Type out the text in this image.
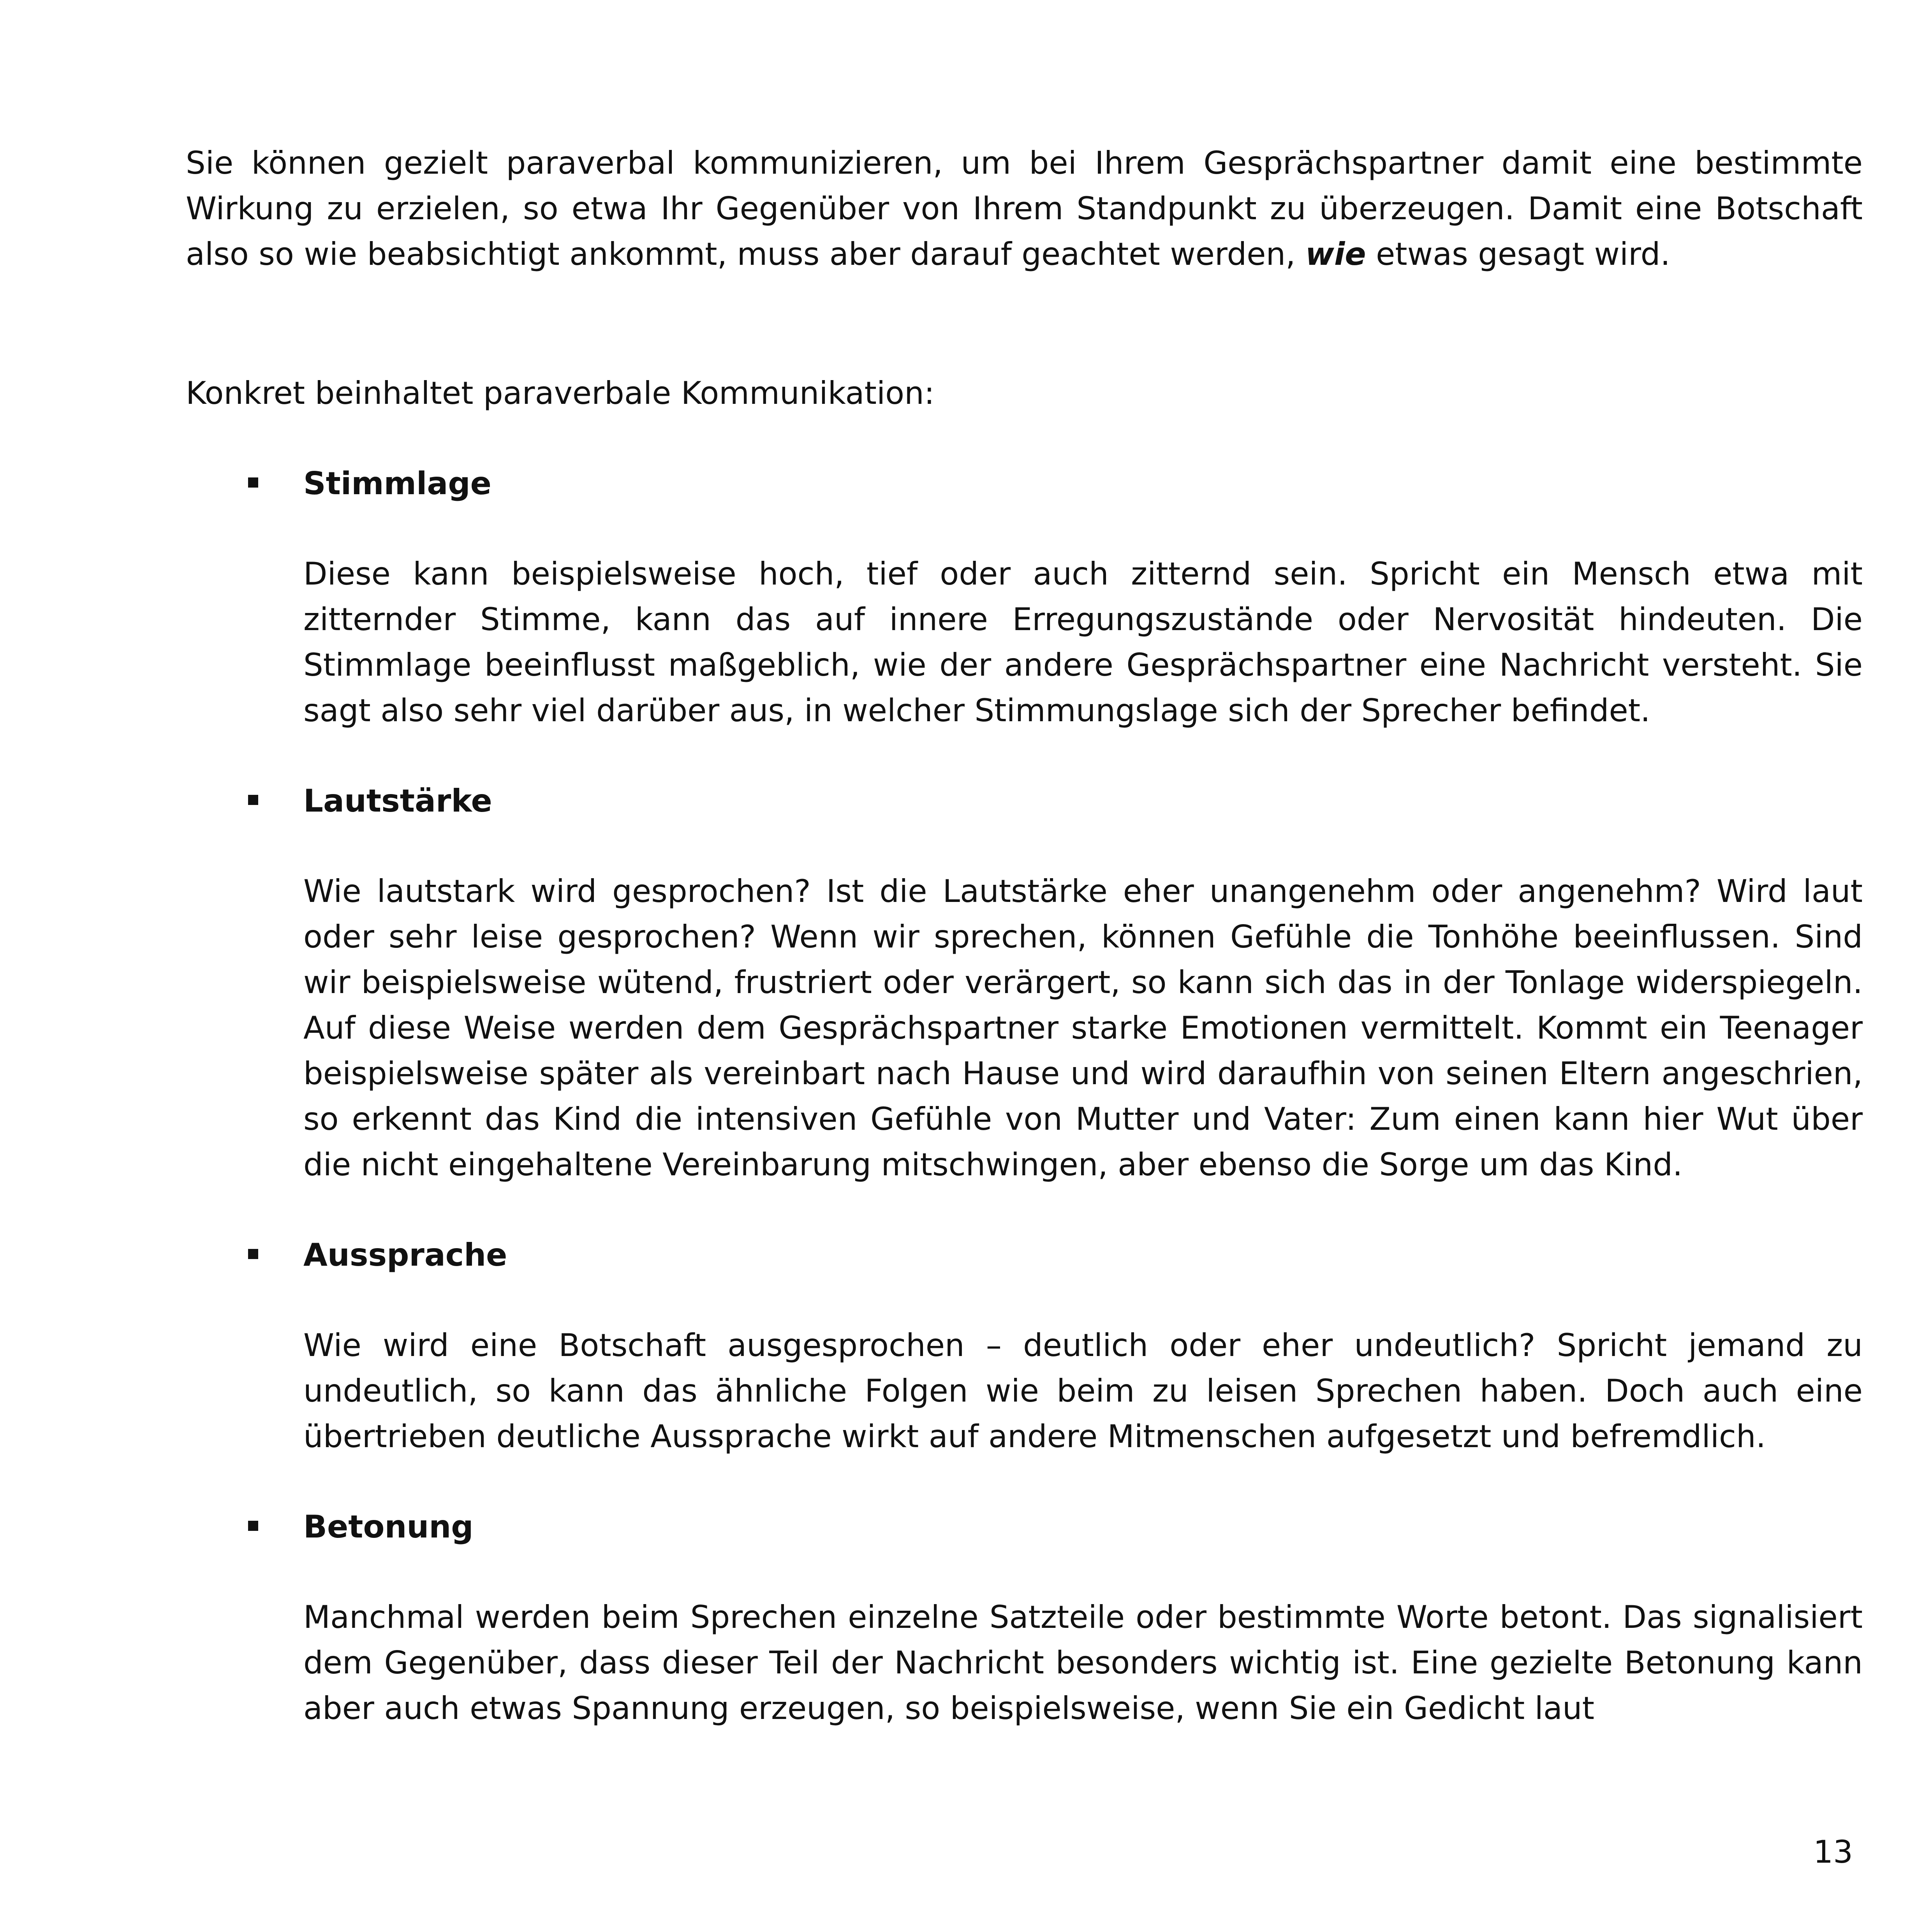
Sie können gezielt paraverbal kommunizieren, um bei Ihrem Gesprächspartner damit eine bestimmte Wirkung zu erzielen, so etwa Ihr Gegenüber von Ihrem Standpunkt zu überzeugen. Damit eine Botschaft also so wie beabsichtigt ankommt, muss aber darauf geachtet werden, wie etwas gesagt wird.

Konkret beinhaltet paraverbale Kommunikation:

Stimmlage

Diese kann beispielsweise hoch, tief oder auch zitternd sein. Spricht ein Mensch etwa mit zitternder Stimme, kann das auf innere Erregungszustände oder Nervosität hindeuten. Die Stimmlage beeinflusst maßgeblich, wie der andere Gesprächspartner eine Nachricht versteht. Sie sagt also sehr viel darüber aus, in welcher Stimmungslage sich der Sprecher befindet.

Lautstärke

Wie lautstark wird gesprochen? Ist die Lautstärke eher unangenehm oder angenehm? Wird laut oder sehr leise gesprochen? Wenn wir sprechen, können Gefühle die Tonhöhe beeinflussen. Sind wir beispielsweise wütend, frustriert oder verärgert, so kann sich das in der Tonlage widerspiegeln. Auf diese Weise werden dem Gesprächspartner starke Emotionen vermittelt. Kommt ein Teenager beispielsweise später als vereinbart nach Hause und wird daraufhin von seinen Eltern angeschrien, so erkennt das Kind die intensiven Gefühle von Mutter und Vater: Zum einen kann hier Wut über die nicht eingehaltene Vereinbarung mitschwingen, aber ebenso die Sorge um das Kind.

Aussprache

Wie wird eine Botschaft ausgesprochen – deutlich oder eher undeutlich? Spricht jemand zu undeutlich, so kann das ähnliche Folgen wie beim zu leisen Sprechen haben. Doch auch eine übertrieben deutliche Aussprache wirkt auf andere Mitmenschen aufgesetzt und befremdlich.

Betonung

Manchmal werden beim Sprechen einzelne Satzteile oder bestimmte Worte betont. Das signalisiert dem Gegenüber, dass dieser Teil der Nachricht besonders wichtig ist. Eine gezielte Betonung kann aber auch etwas Spannung erzeugen, so beispielsweise, wenn Sie ein Gedicht laut

13
